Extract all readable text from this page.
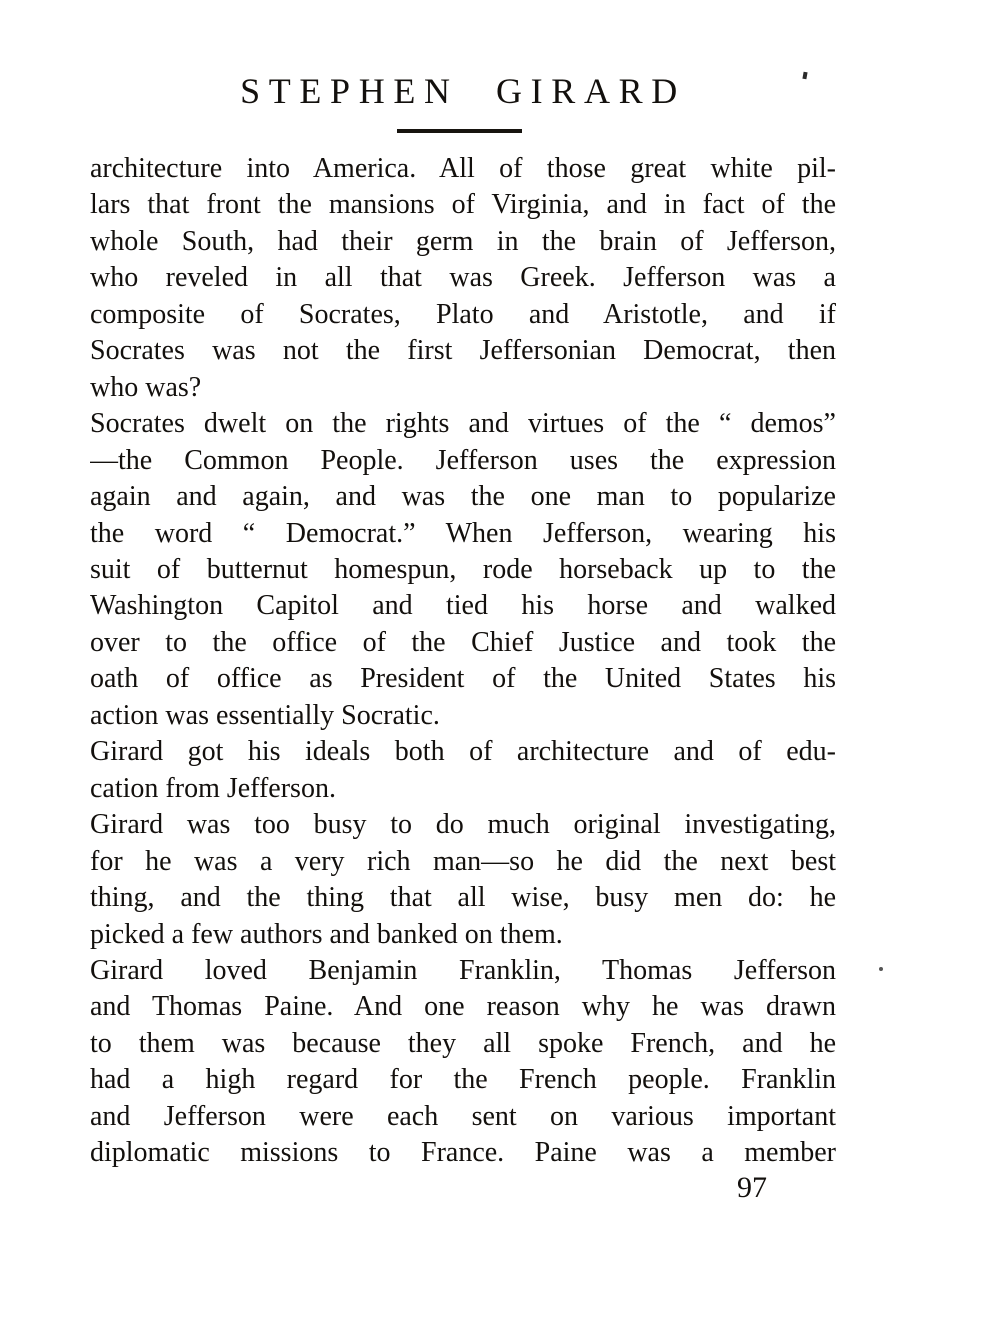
STEPHEN GIRARD
architecture into America. All of those great white pil-
lars that front the mansions of Virginia, and in fact of the
whole South, had their germ in the brain of Jefferson,
who reveled in all that was Greek. Jefferson was a
composite of Socrates, Plato and Aristotle, and if
Socrates was not the first Jeffersonian Democrat, then
who was?
Socrates dwelt on the rights and virtues of the “ demos”
—the Common People. Jefferson uses the expression
again and again, and was the one man to popularize
the word “ Democrat.” When Jefferson, wearing his
suit of butternut homespun, rode horseback up to the
Washington Capitol and tied his horse and walked
over to the office of the Chief Justice and took the
oath of office as President of the United States his
action was essentially Socratic.
Girard got his ideals both of architecture and of edu-
cation from Jefferson.
Girard was too busy to do much original investigating,
for he was a very rich man—so he did the next best
thing, and the thing that all wise, busy men do: he
picked a few authors and banked on them.
Girard loved Benjamin Franklin, Thomas Jefferson
and Thomas Paine. And one reason why he was drawn
to them was because they all spoke French, and he
had a high regard for the French people. Franklin
and Jefferson were each sent on various important
diplomatic missions to France. Paine was a member
97
